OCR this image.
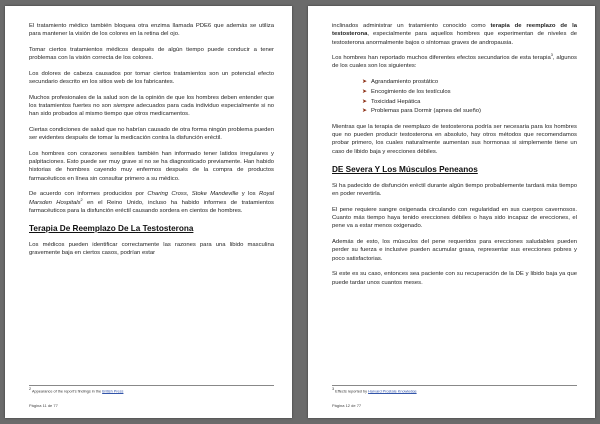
El tratamiento médico también bloquea otra enzima llamada PDE6 que además se utiliza para mantener la visión de los colores en la retina del ojo.

Tomar ciertos tratamientos médicos después de algún tiempo puede conducir a tener problemas con la visión correcta de los colores.

Los dolores de cabeza causados por tomar ciertos tratamientos son un potencial efecto secundario descrito en los sitios web de los fabricantes.

Muchos profesionales de la salud son de la opinión de que los hombres deben entender que los tratamientos fuertes no son siempre adecuados para cada individuo especialmente si no han sido probados al mismo tiempo que otros medicamentos.

Ciertas condiciones de salud que no habrían causado de otra forma ningún problema pueden ser evidentes después de tomar la medicación contra la disfunción eréctil.

Los hombres con corazones sensibles también han informado tener latidos irregulares y palpitaciones. Esto puede ser muy grave si no se ha diagnosticado previamente. Han habido historias de hombres cayendo muy enfermos después de la compra de productos farmacéuticos en línea sin consultar primero a su médico.

De acuerdo con informes producidos por Charing Cross, Stoke Mandeville y los Royal Marsden Hospitals$^2$ en el Reino Unido, incluso ha habido informes de tratamientos farmacéuticos para la disfunción eréctil causando sordera en cientos de hombres.

Terapia De Reemplazo De La Testosterona

Los médicos pueden identificar correctamente las razones para una libido masculina gravemente baja en ciertos casos, podrían estar

$^2$ Appearance of the report's findings in the British Press
Página 11 de 77

inclinados administrar un tratamiento conocido como terapia de reemplazo de la testosterona, especialmente para aquellos hombres que experimentan de niveles de testosterona anormalmente bajos o síntomas graves de andropausia.

Los hombres han reportado muchos diferentes efectos secundarios de esta terapia$^3$, algunos de los cuales son los siguientes:

➤ Agrandamiento prostático
➤ Encogimiento de los testículos
➤ Toxicidad Hepática
➤ Problemas para Dormir (apnea del sueño)

Mientras que la terapia de reemplazo de testosterona podría ser necesaria para los hombres que no pueden producir testosterona en absoluto, hay otros métodos que recomendamos probar primero, los cuales naturalmente aumentan sus hormonas si simplemente tiene un caso de libido baja y erecciones débiles.

DE Severa Y Los Músculos Peneanos

Si ha padecido de disfunción eréctil durante algún tiempo probablemente tardará más tiempo en poder revertirla.

El pene requiere sangre oxigenada circulando con regularidad en sus cuerpos cavernosos. Cuanto más tiempo haya tenido erecciones débiles o haya sido incapaz de erecciones, el pene va a estar menos oxigenado.

Además de esto, los músculos del pene requeridos para erecciones saludables pueden perder su fuerza e inclusive pueden acumular grasa, representar sus erecciones pobres y poco satisfactorias.

Si este es su caso, entonces sea paciente con su recuperación de la DE y libido baja ya que puede tardar unos cuantos meses.

$^3$ Effects reported by Harvard Prostate Knowledge
Página 12 de 77
